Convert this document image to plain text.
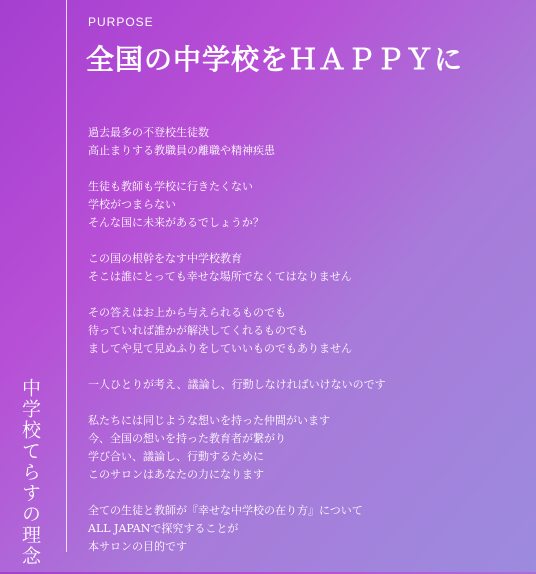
中学校てらすの理念
PURPOSE
全国の中学校をＨＡＰＰＹに
過去最多の不登校生徒数
高止まりする教職員の離職や精神疾患
生徒も教師も学校に行きたくない
学校がつまらない
そんな国に未来があるでしょうか？
この国の根幹をなす中学校教育
そこは誰にとっても幸せな場所でなくてはなりません
その答えはお上から与えられるものでも
待っていれば誰かが解決してくれるものでも
ましてや見て見ぬふりをしていいものでもありません
一人ひとりが考え、議論し、行動しなければいけないのです
私たちには同じような想いを持った仲間がいます
今、全国の想いを持った教育者が繋がり
学び合い、議論し、行動するために
このサロンはあなたの力になります
全ての生徒と教師が『幸せな中学校の在り方』について
ALL JAPANで探究することが
本サロンの目的です
